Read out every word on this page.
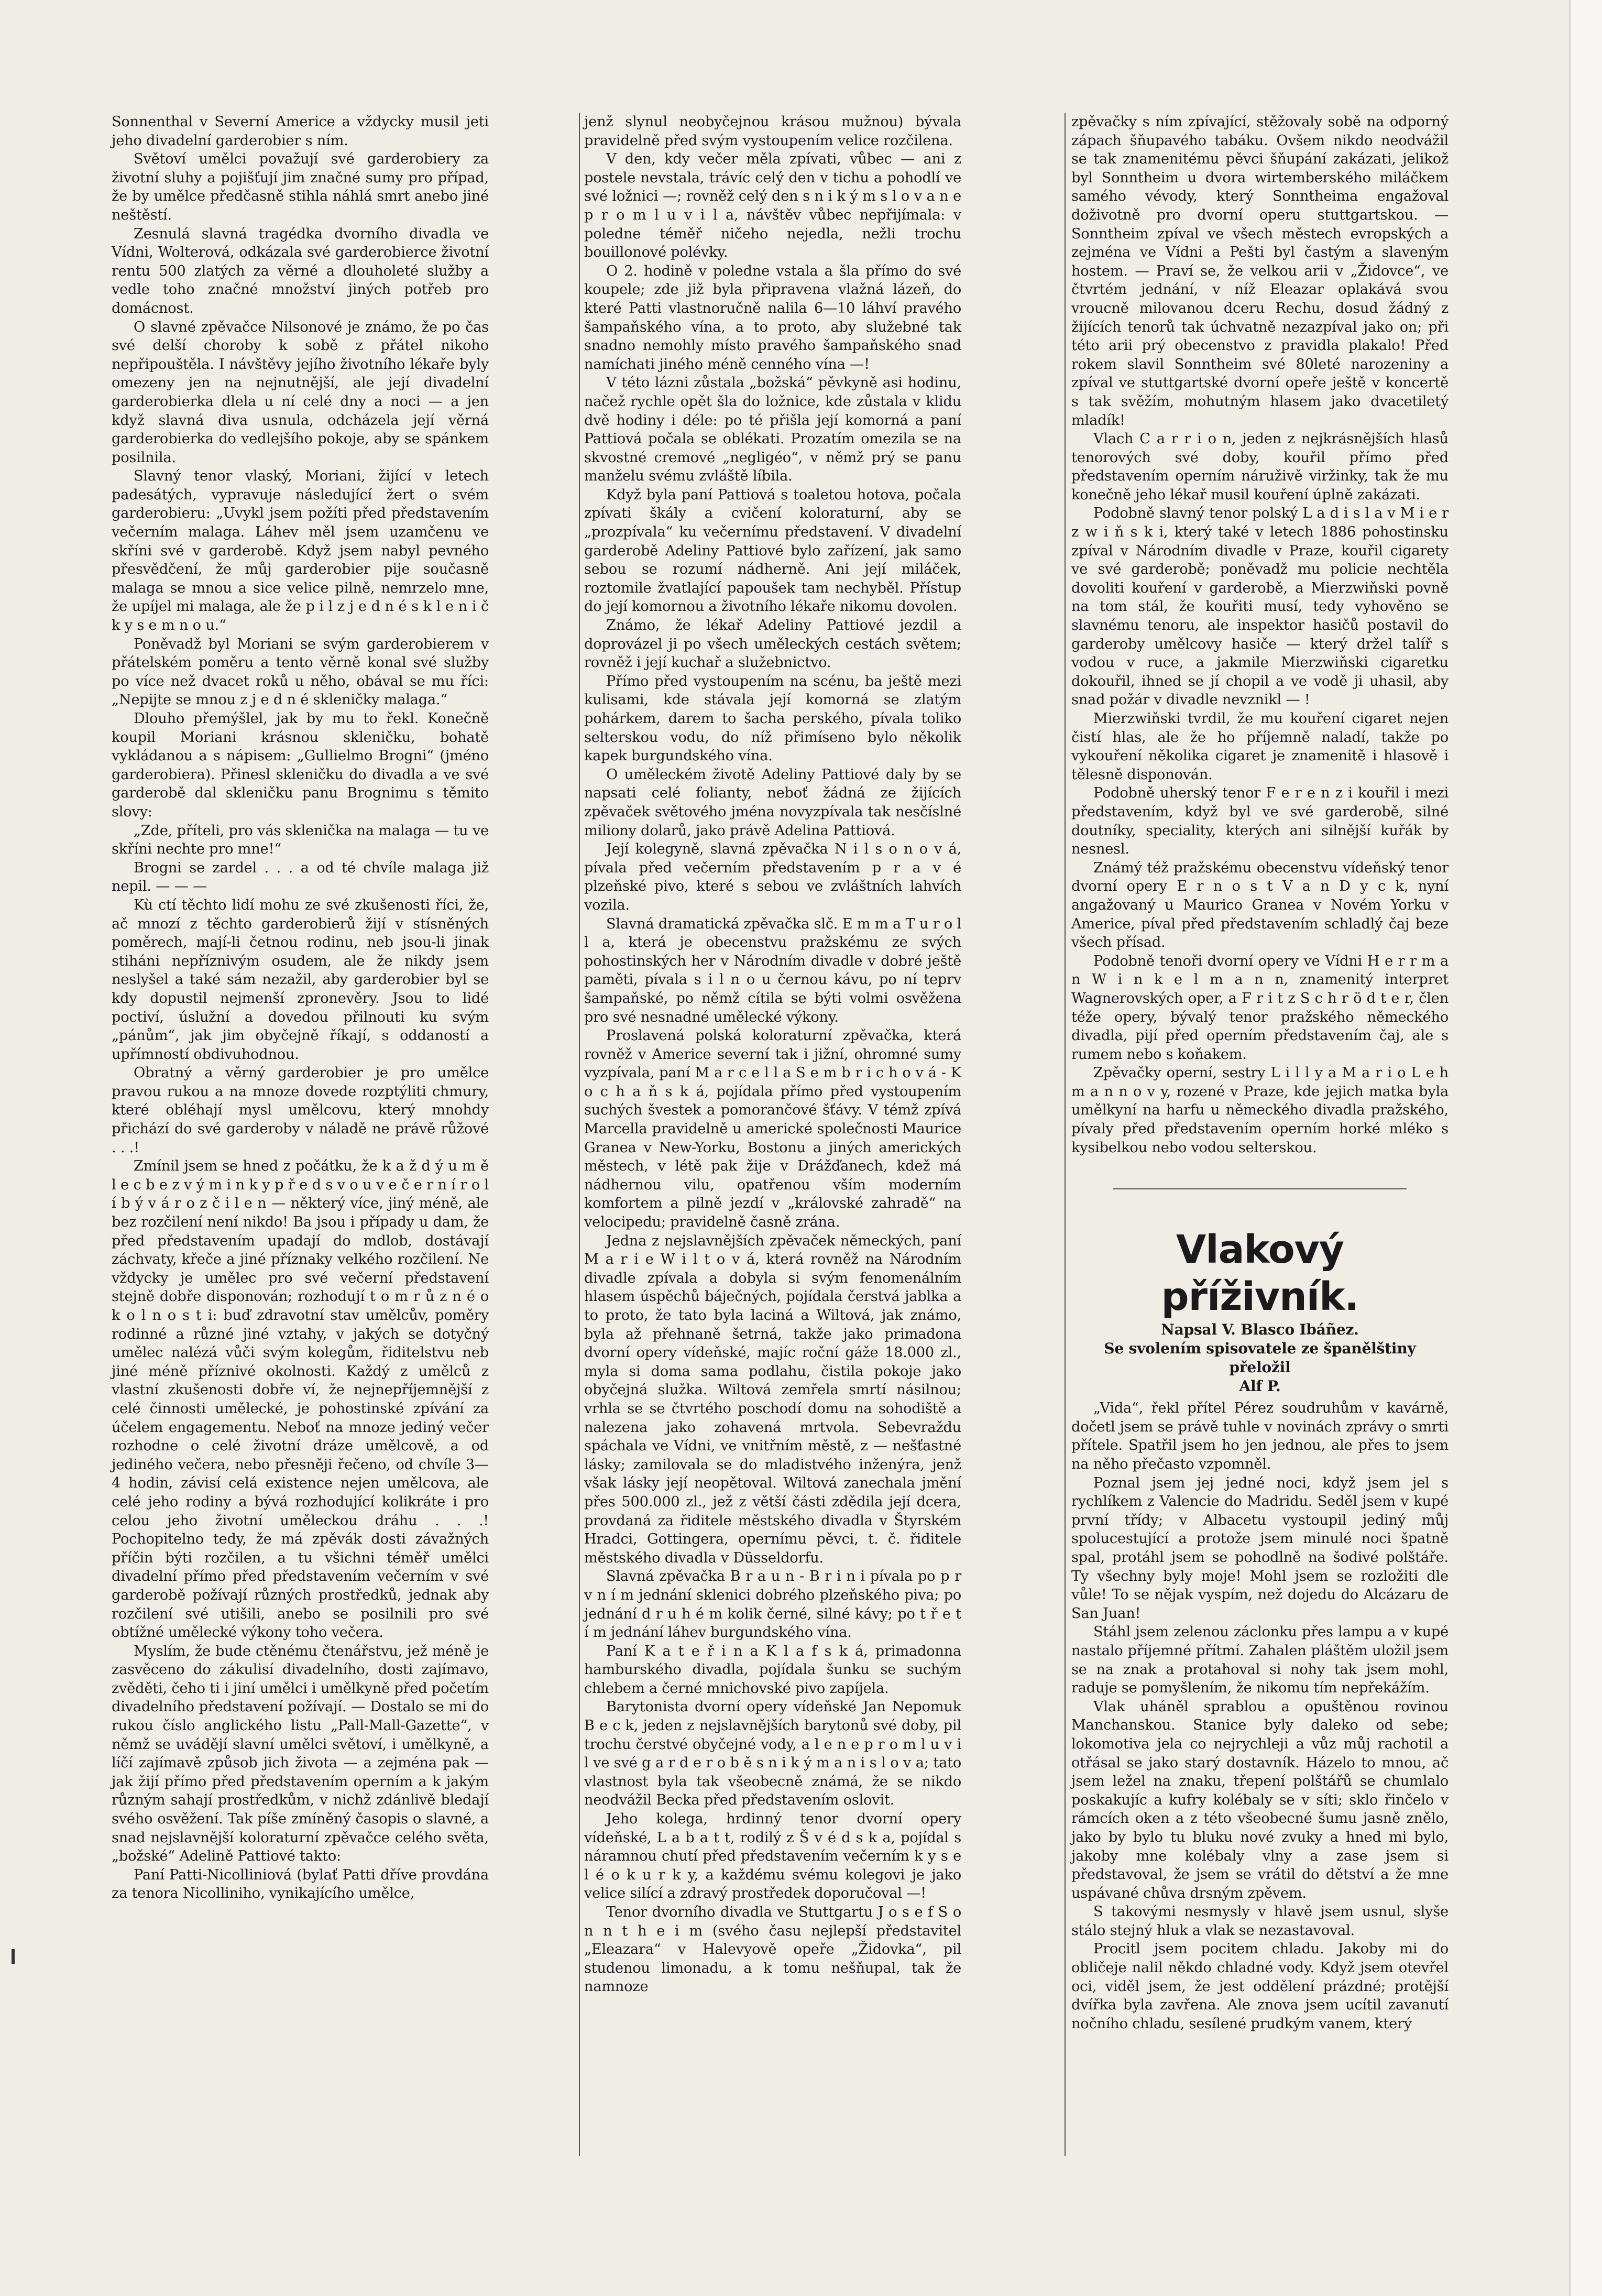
Sonnenthal v Severní Americe a vždycky musil jeti jeho divadelní garderobier s ním.

Světoví umělci považují své garderobiery za životní sluhy a pojišťují jim značné sumy pro případ, že by umělce předčasně stihla náhlá smrt anebo jiné neštěstí.

Zesnulá slavná tragédka dvorního divadla ve Vídni, Wolterová, odkázala své garderobierce životní rentu 500 zlatých za věrné a dlouholeté služby a vedle toho značné množství jiných potřeb pro domácnost.

O slavné zpěvačce Nilsonové je známo, že po čas své delší choroby k sobě z přátel nikoho nepřipouštěla. I návštěvy jejího životního lékaře byly omezeny jen na nejnutnější, ale její divadelní garderobierka dlela u ní celé dny a noci — a jen když slavná diva usnula, odcházela její věrná garderobierka do vedlejšího pokoje, aby se spánkem posilnila.

Slavný tenor vlaský, Moriani, žijící v letech padesátých, vypravuje následující žert o svém garderobieru: „Uvykl jsem požíti před představením večerním malaga. Láhev měl jsem uzamčenu ve skříni své v garderobě. Když jsem nabyl pevného přesvědčení, že můj garderobier pije současně malaga se mnou a sice velice pilně, nemrzelo mne, že upíjel mi malaga, ale že p i l z j e d n é s k l e n i č k y s e m n o u.“

Poněvadž byl Moriani se svým garderobierem v přátelském poměru a tento věrně konal své služby po více než dvacet roků u něho, obával se mu říci: „Nepijte se mnou z j e d n é skleničky malaga.“

Dlouho přemýšlel, jak by mu to řekl. Konečně koupil Moriani krásnou skleničku, bohatě vykládanou a s nápisem: „Gullielmo Brogni“ (jméno garderobiera). Přinesl skleničku do divadla a ve své garderobě dal skleničku panu Brognimu s těmito slovy:

„Zde, příteli, pro vás sklenička na malaga — tu ve skříni nechte pro mne!“

Brogni se zardel . . . a od té chvíle malaga již nepil. — — —

Kù ctí těchto lidí mohu ze své zkušenosti říci, že, ač mnozí z těchto garderobierů žijí v stísněných poměrech, mají-li četnou rodinu, neb jsou-li jinak stiháni nepříznivým osudem, ale že nikdy jsem neslyšel a také sám nezažil, aby garderobier byl se kdy dopustil nejmenší zpronevěry. Jsou to lidé poctiví, úslužní a dovedou přilnouti ku svým „pánům“, jak jim obyčejně říkají, s oddaností a upřímností obdivuhodnou.

Obratný a věrný garderobier je pro umělce pravou rukou a na mnoze dovede rozptýliti chmury, které obléhají mysl umělcovu, který mnohdy přichází do své garderoby v náladě ne právě růžové . . .!

Zmínil jsem se hned z počátku, že k a ž d ý u m ě l e c b e z v ý m i n k y p ř e d s v o u v e č e r n í r o l í b ý v á r o z č i l e n — některý více, jiný méně, ale bez rozčilení není nikdo! Ba jsou i případy u dam, že před představením upadají do mdlob, dostávají záchvaty, křeče a jiné příznaky velkého rozčilení. Ne vždycky je umělec pro své večerní představení stejně dobře disponován; rozhodují t o m r ů z n é o k o l n o s t i: buď zdravotní stav umělcův, poměry rodinné a různé jiné vztahy, v jakých se dotyčný umělec nalézá vůči svým kolegům, řiditelstvu neb jiné méně příznivé okolnosti. Každý z umělců z vlastní zkušenosti dobře ví, že nejnepříjemnější z celé činnosti umělecké, je pohostinské zpívání za účelem engagementu. Neboť na mnoze jediný večer rozhodne o celé životní dráze umělcově, a od jediného večera, nebo přesněji řečeno, od chvíle 3—4 hodin, závisí celá existence nejen umělcova, ale celé jeho rodiny a bývá rozhodující kolikráte i pro celou jeho životní uměleckou dráhu . . .! Pochopitelno tedy, že má zpěvák dosti závažných příčin býti rozčilen, a tu všichni téměř umělci divadelní přímo před představením večerním v své garderobě požívají různých prostředků, jednak aby rozčilení své utišili, anebo se posilnili pro své obtížné umělecké výkony toho večera.

Myslím, že bude ctěnému čtenářstvu, jež méně je zasvěceno do zákulisí divadelního, dosti zajímavo, zvěděti, čeho ti i jiní umělci i umělkyně před početím divadelního představení požívají. — Dostalo se mi do rukou číslo anglického listu „Pall-Mall-Gazette“, v němž se uvádějí slavní umělci světoví, i umělkyně, a líčí zajímavě způsob jich života — a zejména pak — jak žijí přímo před představením operním a k jakým různým sahají prostředkům, v nichž zdánlivě bledají svého osvěžení. Tak píše zmíněný časopis o slavné, a snad nejslavnější koloraturní zpěvačce celého světa, „božské“ Adelině Pattiové takto:

Paní Patti-Nicolliniová (bylať Patti dříve provdána za tenora Nicolliniho, vynikajícího umělce,

jenž slynul neobyčejnou krásou mužnou) bývala pravidelně před svým vystoupením velice rozčilena.

V den, kdy večer měla zpívati, vůbec — ani z postele nevstala, trávíc celý den v tichu a pohodlí ve své ložnici —; rovněž celý den s n i k ý m s l o v a n e p r o m l u v i l a, návštěv vůbec nepřijímala: v poledne téměř ničeho nejedla, nežli trochu bouillonové polévky.

O 2. hodině v poledne vstala a šla přímo do své koupele; zde již byla připravena vlažná lázeň, do které Patti vlastnoručně nalila 6—10 láhví pravého šampaňského vína, a to proto, aby služebné tak snadno nemohly místo pravého šampaňského snad namíchati jiného méně cenného vína —!

V této lázni zůstala „božská“ pěvkyně asi hodinu, načež rychle opět šla do ložnice, kde zůstala v klidu dvě hodiny i déle: po té přišla její komorná a paní Pattiová počala se oblékati. Prozatím omezila se na skvostné cremové „negligéo“, v němž prý se panu manželu svému zvláště líbila.

Když byla paní Pattiová s toaletou hotova, počala zpívati škály a cvičení koloraturní, aby se „prozpívala“ ku večernímu představení. V divadelní garderobě Adeliny Pattiové bylo zařízení, jak samo sebou se rozumí nádherně. Ani její miláček, roztomile žvatlající papoušek tam nechyběl. Přístup do její komornou a životního lékaře nikomu dovolen.

Známo, že lékař Adeliny Pattiové jezdil a doprovázel ji po všech uměleckých cestách světem; rovněž i její kuchař a služebnictvo.

Přímo před vystoupením na scénu, ba ještě mezi kulisami, kde stávala její komorná se zlatým pohárkem, darem to šacha perského, pívala toliko selterskou vodu, do níž přimíseno bylo několik kapek burgundského vína.

O uměleckém životě Adeliny Pattiové daly by se napsati celé folianty, neboť žádná ze žijících zpěvaček světového jména novyzpívala tak nesčíslné miliony dolarů, jako právě Adelina Pattiová.

Její kolegyně, slavná zpěvačka N i l s o n o v á, pívala před večerním představením p r a v é plzeňské pivo, které s sebou ve zvláštních lahvích vozila.

Slavná dramatická zpěvačka slč. E m m a T u r o l l a, která je obecenstvu pražskému ze svých pohostinských her v Národním divadle v dobré ještě paměti, pívala s i l n o u černou kávu, po ní teprv šampaňské, po němž cítila se býti volmi osvěžena pro své nesnadné umělecké výkony.

Proslavená polská koloraturní zpěvačka, která rovněž v Americe severní tak i jižní, ohromné sumy vyzpívala, paní M a r c e l l a S e m b r i c h o v á - K o c h a ň s k á, pojídala přímo před vystoupením suchých švestek a pomorančové šťávy. V témž zpívá Marcella pravidelně u americké společnosti Maurice Granea v New-Yorku, Bostonu a jiných amerických městech, v létě pak žije v Drážďanech, kdež má nádhernou vilu, opatřenou vším moderním komfortem a pilně jezdí v „královské zahradě“ na velocipedu; pravidelně časně zrána.

Jedna z nejslavnějších zpěvaček německých, paní M a r i e W i l t o v á, která rovněž na Národním divadle zpívala a dobyla si svým fenomenálním hlasem úspěchů báječných, pojídala čerstvá jablka a to proto, že tato byla laciná a Wiltová, jak známo, byla až přehnaně šetrná, takže jako primadona dvorní opery vídeňské, majíc roční gáže 18.000 zl., myla si doma sama podlahu, čistila pokoje jako obyčejná služka. Wiltová zemřela smrtí násilnou; vrhla se se čtvrtého poschodí domu na sohodiště a nalezena jako zohavená mrtvola. Sebevraždu spáchala ve Vídni, ve vnitřním městě, z — nešťastné lásky; zamilovala se do mladistvého inženýra, jenž však lásky její neopětoval. Wiltová zanechala jmění přes 500.000 zl., jež z větší části zdědila její dcera, provdaná za řiditele městského divadla v Štyrském Hradci, Gottingera, opernímu pěvci, t. č. řiditele městského divadla v Düsseldorfu.

Slavná zpěvačka B r a u n - B r i n i pívala po p r v n í m jednání sklenici dobrého plzeňského piva; po jednání d r u h é m kolik černé, silné kávy; po t ř e t í m jednání láhev burgundského vína.

Paní K a t e ř i n a K l a f s k á, primadonna hamburského divadla, pojídala šunku se suchým chlebem a černé mnichovské pivo zapíjela.

Barytonista dvorní opery vídeňské Jan Nepomuk B e c k, jeden z nejslavnějších barytonů své doby, pil trochu čerstvé obyčejné vody, a l e n e p r o m l u v i l ve své g a r d e r o b ě s n i k ý m a n i s l o v a; tato vlastnost byla tak všeobecně známá, že se nikdo neodvážil Becka před představením oslovit.

Jeho kolega, hrdinný tenor dvorní opery vídeňské, L a b a t t, rodilý z Š v é d s k a, pojídal s náramnou chutí před představením večerním k y s e l é o k u r k y, a každému svému kolegovi je jako velice silící a zdravý prostředek doporučoval —!

Tenor dvorního divadla ve Stuttgartu J o s e f S o n n t h e i m (svého času nejlepší představitel „Eleazara“ v Halevyově opeře „Židovka“, pil studenou limonadu, a k tomu nešňupal, tak že namnoze

zpěvačky s ním zpívající, stěžovaly sobě na odporný zápach šňupavého tabáku. Ovšem nikdo neodvážil se tak znamenitému pěvci šňupání zakázati, jelikož byl Sonntheim u dvora wirtemberského miláčkem samého vévody, který Sonntheima engažoval doživotně pro dvorní operu stuttgartskou. — Sonntheim zpíval ve všech městech evropských a zejména ve Vídni a Pešti byl častým a slaveným hostem. — Praví se, že velkou arii v „Židovce“, ve čtvrtém jednání, v níž Eleazar oplakává svou vroucně milovanou dceru Rechu, dosud žádný z žijících tenorů tak úchvatně nezazpíval jako on; při této arii prý obecenstvo z pravidla plakalo! Před rokem slavil Sonntheim své 80leté narozeniny a zpíval ve stuttgartské dvorní opeře ještě v koncertě s tak svěžím, mohutným hlasem jako dvacetiletý mladík!

Vlach C a r r i o n, jeden z nejkrásnějších hlasů tenorových své doby, kouřil přímo před představením operním náruživě viržinky, tak že mu konečně jeho lékař musil kouření úplně zakázati.

Podobně slavný tenor polský L a d i s l a v M i e r z w i ň s k i, který také v letech 1886 pohostinsku zpíval v Národním divadle v Praze, kouřil cigarety ve své garderobě; poněvadž mu policie nechtěla dovoliti kouření v garderobě, a Mierzwiňski povně na tom stál, že kouřiti musí, tedy vyhověno se slavnému tenoru, ale inspektor hasičů postavil do garderoby umělcovy hasiče — který držel talíř s vodou v ruce, a jakmile Mierzwiňski cigaretku dokouřil, ihned se jí chopil a ve vodě ji uhasil, aby snad požár v divadle nevznikl — !

Mierzwiňski tvrdil, že mu kouření cigaret nejen čistí hlas, ale že ho příjemně naladí, takže po vykouření několika cigaret je znamenitě i hlasově i tělesně disponován.

Podobně uherský tenor F e r e n z i kouřil i mezi představením, když byl ve své garderobě, silné doutníky, speciality, kterých ani silnější kuřák by nesnesl.

Známý též pražskému obecenstvu vídeňský tenor dvorní opery E r n o s t V a n D y c k, nyní angažovaný u Maurico Granea v Novém Yorku v Americe, píval před představením schladlý čaj beze všech přísad.

Podobně tenoři dvorní opery ve Vídni H e r r m a n W i n k e l m a n n, znamenitý interpret Wagnerovských oper, a F r i t z S c h r ö d t e r, člen téže opery, bývalý tenor pražského německého divadla, pijí před operním představením čaj, ale s rumem nebo s koňakem.

Zpěvačky operní, sestry L i l l y a M a r i o L e h m a n n o v y, rozené v Praze, kde jejich matka byla umělkyní na harfu u německého divadla pražského, pívaly před představením operním horké mléko s kysibelkou nebo vodou selterskou.

Vlakový příživník.
Napsal V. Blasco Ibáñez.
Se svolením spisovatele ze španělštiny přeložil
Alf P.

„Vida“, řekl přítel Pérez soudruhům v kavárně, dočetl jsem se právě tuhle v novinách zprávy o smrti přítele. Spatřil jsem ho jen jednou, ale přes to jsem na něho přečasto vzpomněl.

Poznal jsem jej jedné noci, když jsem jel s rychlíkem z Valencie do Madridu. Seděl jsem v kupé první třídy; v Albacetu vystoupil jediný můj spolucestující a protože jsem minulé noci špatně spal, protáhl jsem se pohodlně na šodivé polštáře. Ty všechny byly moje! Mohl jsem se rozložiti dle vůle! To se nějak vyspím, než dojedu do Alcázaru de San Juan!

Stáhl jsem zelenou záclonku přes lampu a v kupé nastalo příjemné přítmí. Zahalen pláštěm uložil jsem se na znak a protahoval si nohy tak jsem mohl, raduje se pomyšlením, že nikomu tím nepřekážím.

Vlak uháněl sprablou a opuštěnou rovinou Manchanskou. Stanice byly daleko od sebe; lokomotiva jela co nejrychleji a vůz můj rachotil a otřásal se jako starý dostavník. Házelo to mnou, ač jsem ležel na znaku, třepení polštářů se chumlalo poskakujíc a kufry kolébaly se v síti; sklo řinčelo v rámcích oken a z této všeobecné šumu jasně znělo, jako by bylo tu bluku nové zvuky a hned mi bylo, jakoby mne kolébaly vlny a zase jsem si představoval, že jsem se vrátil do dětství a že mne uspávané chůva drsným zpěvem.

S takovými nesmysly v hlavě jsem usnul, slyše stálo stejný hluk a vlak se nezastavoval.

Procitl jsem pocitem chladu. Jakoby mi do obličeje nalil někdo chladné vody. Když jsem otevřel oci, viděl jsem, že jest oddělení prázdné; protější dvířka byla zavřena. Ale znova jsem ucítil zavanutí nočního chladu, sesílené prudkým vanem, který
